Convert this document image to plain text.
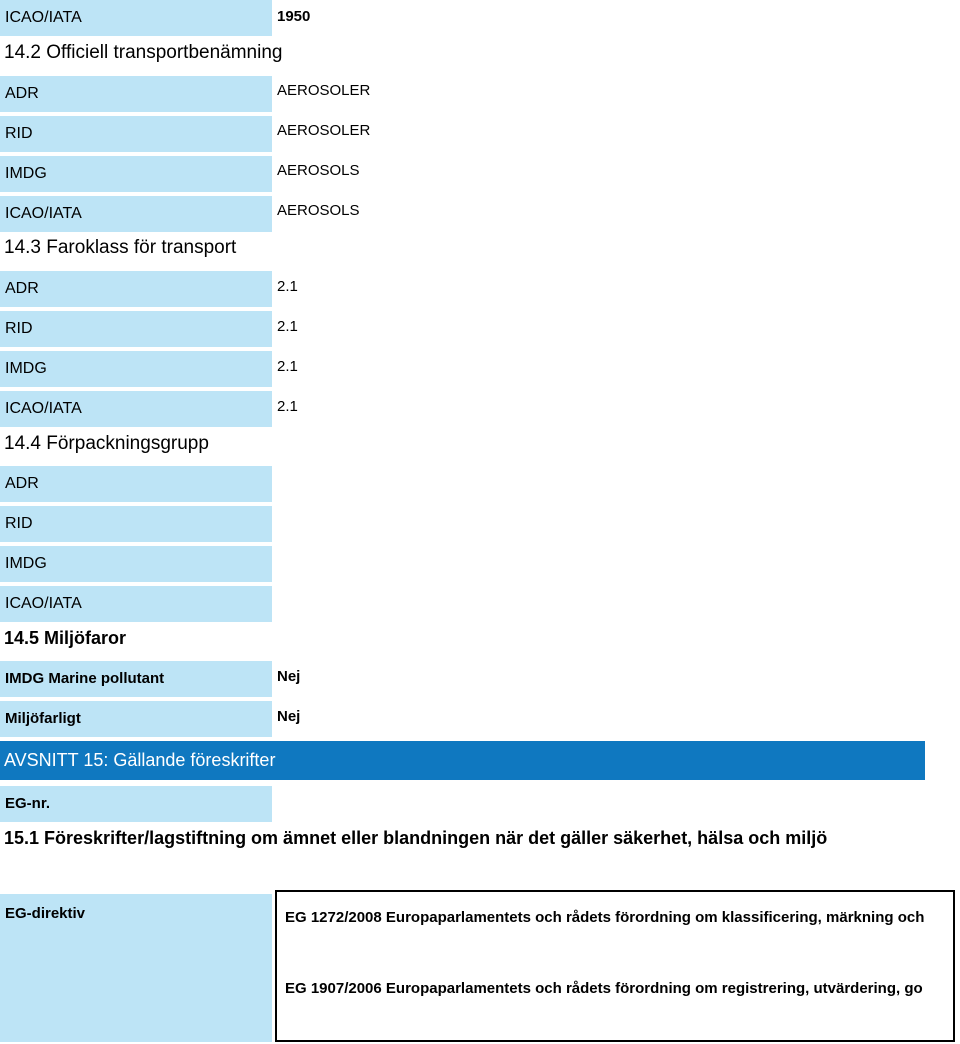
ICAO/IATA	1950
14.2 Officiell transportbenämning
ADR	AEROSOLER
RID	AEROSOLER
IMDG	AEROSOLS
ICAO/IATA	AEROSOLS
14.3 Faroklass för transport
ADR	2.1
RID	2.1
IMDG	2.1
ICAO/IATA	2.1
14.4 Förpackningsgrupp
ADR
RID
IMDG
ICAO/IATA
14.5 Miljöfaror
IMDG Marine pollutant	Nej
Miljöfarligt	Nej
AVSNITT 15: Gällande föreskrifter
EG-nr.
15.1 Föreskrifter/lagstiftning om ämnet eller blandningen när det gäller säkerhet, hälsa och miljö
EG-direktiv	EG 1272/2008 Europaparlamentets och rådets förordning om klassificering, märkning och
EG 1907/2006 Europaparlamentets och rådets förordning om registrering, utvärdering, go
